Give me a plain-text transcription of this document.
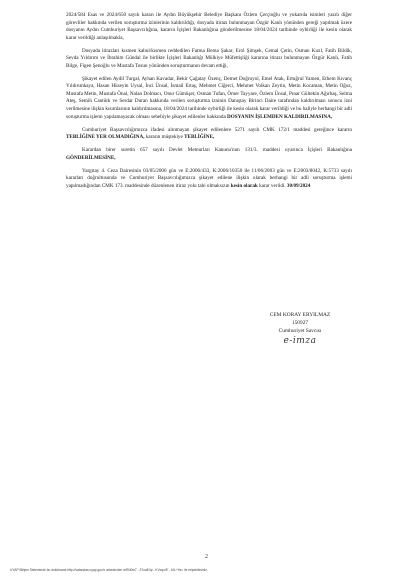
2024/584 Esas ve 2024/650 sayılı kararı ile Aydın Büyükşehir Belediye Başkanı Özlem Çerçioğlu ve yukarıda isimleri yazılı diğer görevliler hakkında verilen soruşturma izinlerinin kaldırıldığı, dosyada itirazı bulunmayan Özgür Kanlı yönünden gereği yapılmak üzere dosyanın Aydın Cumhuriyet Başsavcılığına, kararın İçişleri Bakanlığına gönderilmesine 18/04/2024 tarihinde oybirliği ile kesin olarak karar verildiği anlaşılmakla,

Dosyada itirazları kısmen kabul/kısmen reddedilen Fatma Bema Şakar, Erol Şimşek, Cemal Çetin, Osman Kızıl, Fatih Bildik, Sevda Yıldırım ve İbrahim Gündal ile birlikte İçişleri Bakanlığı Mülkiye Müfettişliği kararına itirazı bulunmayan Özgür Kanlı, Fatih Bilge, Figen Şenoğlu ve Mustafa Tosun yönünden soruşturmanın devam ettiği,

Şikayet edilen Aydil Turgal, Ayhan Kavadar, Bekir Çağatay Özenç, Demet Doğruyol, Emel Atak, Ertuğrul Yamen, Ethem Kıvanç Yıldırımkaya, Hasan Hüseyin Uysal, İnci Ünsal, İsmail Ertaş, Mehmet Ciğerci, Mehmet Volkan Zeytin, Metin Kocaman, Metin Oğuz, Mustafa Metin, Mustafa Önal, Nalan Dolmacı, Onur Gümüşer, Osman Tufan, Ömer Tayyare, Özlem Ünsal, Pınar Gültekin Ağırbaş, Selma Ateş, Semih Cantürk ve Serdar Duran hakkında verilen soruşturma izninin Danıştay Birinci Daire tarafından kaldırılması sonucu izni verilmesine ilişkin kısımlarının kaldırılmasına, 18/04/2024 tarihinde oybirliği ile kesin olarak karar verildiği ve bu haliyle herhangi bir adli soruşturma işlemi yapılamayacak olması sebebiyle şikayet edilenler hakkında DOSYANIN İŞLEMDEN KALDIRILMASINA,

Cumhuriyet Başsavcılığımızca ifadesi alınmayan şikayet edilenlere 5271 sayılı CMK 172/1 maddesi gereğince kararın TEBLİĞİNE YER OLMADIĞINA, kararın müştekiye TEBLİĞİNE,

Karardan birer suretin 657 sayılı Devlet Memurları Kanunu'nun 131/3. maddesi uyarınca İçişleri Bakanlığına GÖNDERİLMESİNE,

Yargıtay 4. Ceza Dairesinin 03/05/2006 gün ve E:2006/433, K:2006/10350 ile 11/06/2003 gün ve E:2003/8042, K:5733 sayılı kararları doğrultusunda ve Cumhuriyet Başsavcılığımızca şikayet edilene ilişkin olarak herhangi bir adli soruşturma işlemi yapılmadığından CMK 173. maddesinde düzenlenen itiraz yolu tabi olmaksızın kesin olarak karar verildi. 30/09/2024

CEM KORAY ERYILMAZ
150927
Cumhuriyet Savcısı
e-imza
2
UYAP Bilişim Sisteminde bu dokümana http://vatandas.uyap.gov.tr adresinden wRI40w7 - 37oaE4p - KVvqo/E - UIL+9s= ile erişebilirsiniz.
